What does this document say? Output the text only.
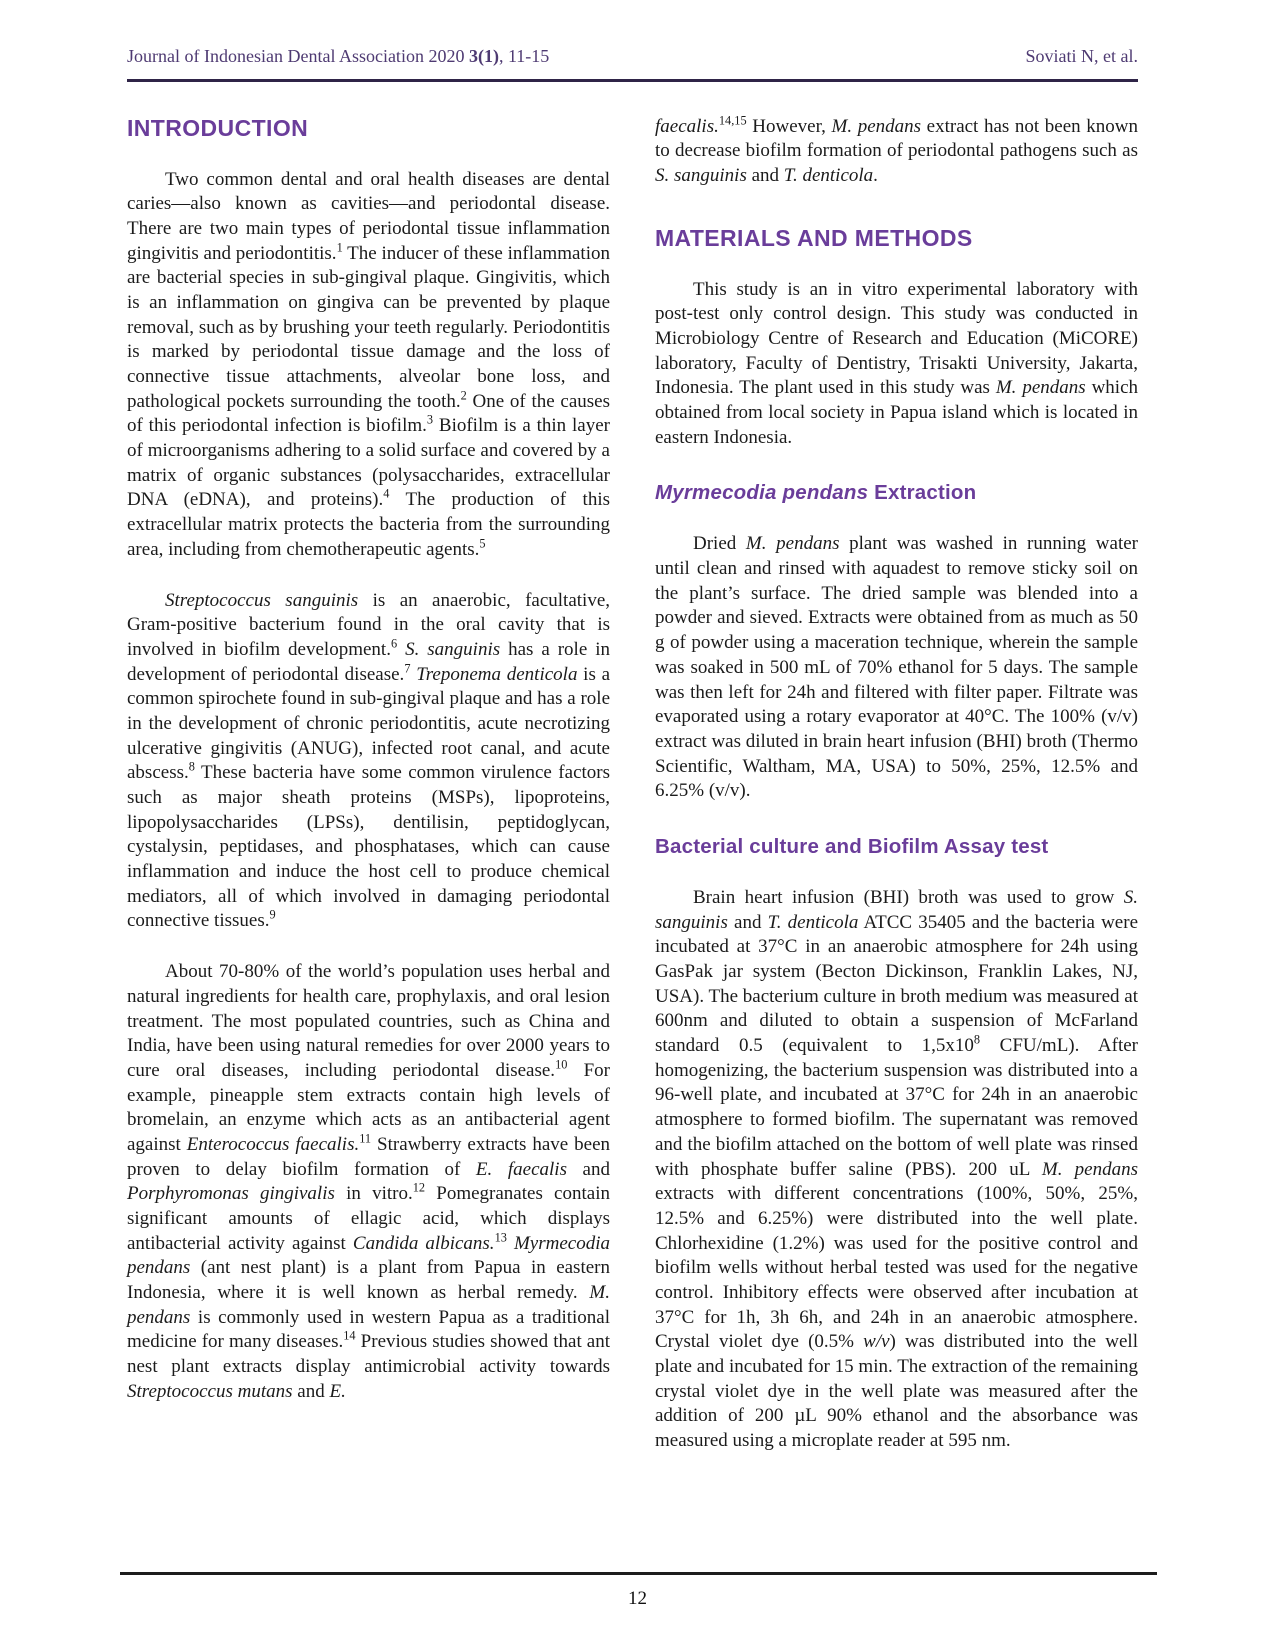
Journal of Indonesian Dental Association 2020 3(1), 11-15	Soviati N, et al.
INTRODUCTION

Two common dental and oral health diseases are dental caries—also known as cavities—and periodontal disease. There are two main types of periodontal tissue inflammation gingivitis and periodontitis.$^1$ The inducer of these inflammation are bacterial species in sub-gingival plaque. Gingivitis, which is an inflammation on gingiva can be prevented by plaque removal, such as by brushing your teeth regularly. Periodontitis is marked by periodontal tissue damage and the loss of connective tissue attachments, alveolar bone loss, and pathological pockets surrounding the tooth.$^2$ One of the causes of this periodontal infection is biofilm.$^3$ Biofilm is a thin layer of microorganisms adhering to a solid surface and covered by a matrix of organic substances (polysaccharides, extracellular DNA (eDNA), and proteins).$^4$ The production of this extracellular matrix protects the bacteria from the surrounding area, including from chemotherapeutic agents.$^5$

Streptococcus sanguinis is an anaerobic, facultative, Gram-positive bacterium found in the oral cavity that is involved in biofilm development.$^6$ S. sanguinis has a role in development of periodontal disease.$^7$ Treponema denticola is a common spirochete found in sub-gingival plaque and has a role in the development of chronic periodontitis, acute necrotizing ulcerative gingivitis (ANUG), infected root canal, and acute abscess.$^8$ These bacteria have some common virulence factors such as major sheath proteins (MSPs), lipoproteins, lipopolysaccharides (LPSs), dentilisin, peptidoglycan, cystalysin, peptidases, and phosphatases, which can cause inflammation and induce the host cell to produce chemical mediators, all of which involved in damaging periodontal connective tissues.$^9$

About 70-80% of the world’s population uses herbal and natural ingredients for health care, prophylaxis, and oral lesion treatment. The most populated countries, such as China and India, have been using natural remedies for over 2000 years to cure oral diseases, including periodontal disease.$^{10}$ For example, pineapple stem extracts contain high levels of bromelain, an enzyme which acts as an antibacterial agent against Enterococcus faecalis.$^{11}$ Strawberry extracts have been proven to delay biofilm formation of E. faecalis and Porphyromonas gingivalis in vitro.$^{12}$ Pomegranates contain significant amounts of ellagic acid, which displays antibacterial activity against Candida albicans.$^{13}$ Myrmecodia pendans (ant nest plant) is a plant from Papua in eastern Indonesia, where it is well known as herbal remedy. M. pendans is commonly used in western Papua as a traditional medicine for many diseases.$^{14}$ Previous studies showed that ant nest plant extracts display antimicrobial activity towards Streptococcus mutans and E.

faecalis.$^{14,15}$ However, M. pendans extract has not been known to decrease biofilm formation of periodontal pathogens such as S. sanguinis and T. denticola.

MATERIALS AND METHODS

This study is an in vitro experimental laboratory with post-test only control design. This study was conducted in Microbiology Centre of Research and Education (MiCORE) laboratory, Faculty of Dentistry, Trisakti University, Jakarta, Indonesia. The plant used in this study was M. pendans which obtained from local society in Papua island which is located in eastern Indonesia.

Myrmecodia pendans Extraction

Dried M. pendans plant was washed in running water until clean and rinsed with aquadest to remove sticky soil on the plant’s surface. The dried sample was blended into a powder and sieved. Extracts were obtained from as much as 50 g of powder using a maceration technique, wherein the sample was soaked in 500 mL of 70% ethanol for 5 days. The sample was then left for 24h and filtered with filter paper. Filtrate was evaporated using a rotary evaporator at 40°C. The 100% (v/v) extract was diluted in brain heart infusion (BHI) broth (Thermo Scientific, Waltham, MA, USA) to 50%, 25%, 12.5% and 6.25% (v/v).

Bacterial culture and Biofilm Assay test

Brain heart infusion (BHI) broth was used to grow S. sanguinis and T. denticola ATCC 35405 and the bacteria were incubated at 37°C in an anaerobic atmosphere for 24h using GasPak jar system (Becton Dickinson, Franklin Lakes, NJ, USA). The bacterium culture in broth medium was measured at 600nm and diluted to obtain a suspension of McFarland standard 0.5 (equivalent to $1,5x10^8$ CFU/mL). After homogenizing, the bacterium suspension was distributed into a 96-well plate, and incubated at 37°C for 24h in an anaerobic atmosphere to formed biofilm. The supernatant was removed and the biofilm attached on the bottom of well plate was rinsed with phosphate buffer saline (PBS). 200 uL M. pendans extracts with different concentrations (100%, 50%, 25%, 12.5% and 6.25%) were distributed into the well plate. Chlorhexidine (1.2%) was used for the positive control and biofilm wells without herbal tested was used for the negative control. Inhibitory effects were observed after incubation at 37°C for 1h, 3h 6h, and 24h in an anaerobic atmosphere. Crystal violet dye (0.5% w/v) was distributed into the well plate and incubated for 15 min. The extraction of the remaining crystal violet dye in the well plate was measured after the addition of 200 µL 90% ethanol and the absorbance was measured using a microplate reader at 595 nm.

12
